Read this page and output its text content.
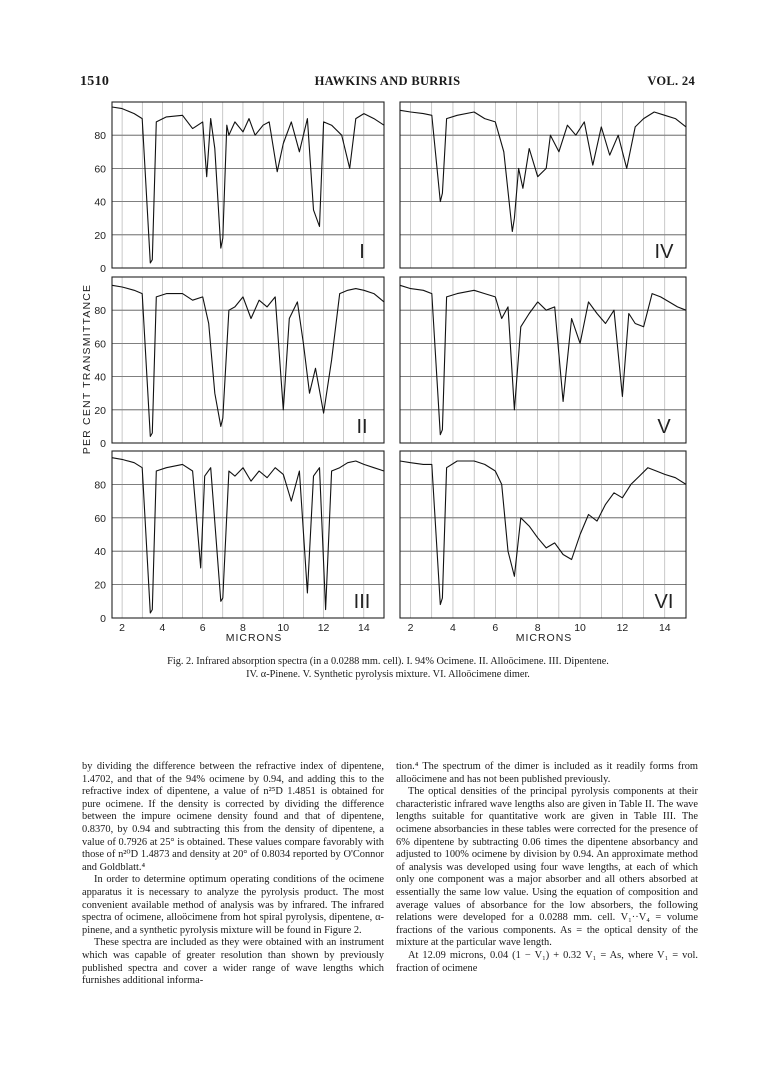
1510	HAWKINS AND BURRIS	VOL. 24
80
60
40
20
0
80
60
40
20
0
80
60
40
20
0
2	4	6	8	10	12	14	2	4	6	8	10	12	14
I
II
III
IV
V
VI
PER CENT TRANSMITTANCE
MICRONS	MICRONS
Fig. 2. Infrared absorption spectra (in a 0.0288 mm. cell). I. 94% Ocimene. II. Alloöcimene. III. Dipentene.
IV. α-Pinene. V. Synthetic pyrolysis mixture. VI. Alloöcimene dimer.

by dividing the difference between the refractive index of dipentene, 1.4702, and that of the 94% ocimene by 0.94, and adding this to the refractive index of dipentene, a value of n²⁵D 1.4851 is obtained for pure ocimene. If the density is corrected by dividing the difference between the impure ocimene density found and that of dipentene, 0.8370, by 0.94 and subtracting this from the density of dipentene, a value of 0.7926 at 25° is obtained. These values compare favorably with those of n²⁰D 1.4873 and density at 20° of 0.8034 reported by O'Connor and Goldblatt.⁴

In order to determine optimum operating conditions of the ocimene apparatus it is necessary to analyze the pyrolysis product. The most convenient available method of analysis was by infrared. The infrared spectra of ocimene, alloöcimene from hot spiral pyrolysis, dipentene, α-pinene, and a synthetic pyrolysis mixture will be found in Figure 2.

These spectra are included as they were obtained with an instrument which was capable of greater resolution than shown by previously published spectra and cover a wider range of wave lengths which furnishes additional informa-

tion.⁴ The spectrum of the dimer is included as it readily forms from alloöcimene and has not been published previously.

The optical densities of the principal pyrolysis components at their characteristic infrared wave lengths also are given in Table II. The wave lengths suitable for quantitative work are given in Table III. The ocimene absorbancies in these tables were corrected for the presence of 6% dipentene by subtracting 0.06 times the dipentene absorbancy and adjusted to 100% ocimene by division by 0.94. An approximate method of analysis was developed using four wave lengths, at each of which only one component was a major absorber and all others absorbed at essentially the same low value. Using the equation of composition and average values of absorbance for the low absorbers, the following relations were developed for a 0.0288 mm. cell. V₁··V₄ = volume fractions of the various components. As = the optical density of the mixture at the particular wave length.

At 12.09 microns, 0.04 (1 − V₁) + 0.32 V₁ = As, where V₁ = vol. fraction of ocimene
